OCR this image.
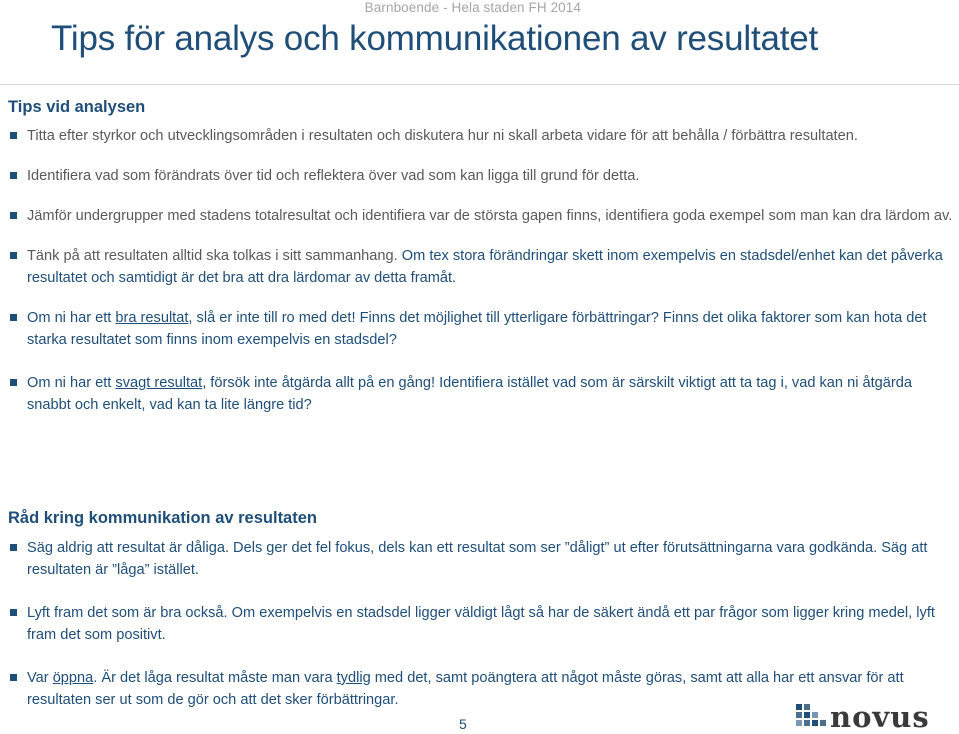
Barnboende - Hela staden FH 2014
Tips för analys och kommunikationen av resultatet
Tips vid analysen
Titta efter styrkor och utvecklingsområden i resultaten och diskutera hur ni skall arbeta vidare för att behålla / förbättra resultaten.
Identifiera vad som förändrats över tid och reflektera över vad som kan ligga till grund för detta.
Jämför undergrupper med stadens totalresultat och identifiera var de största gapen finns, identifiera goda exempel som man kan dra lärdom av.
Tänk på att resultaten alltid ska tolkas i sitt sammanhang. Om tex stora förändringar skett inom exempelvis en stadsdel/enhet kan det påverka resultatet och samtidigt är det bra att dra lärdomar av detta framåt.
Om ni har ett bra resultat, slå er inte till ro med det! Finns det möjlighet till ytterligare förbättringar? Finns det olika faktorer som kan hota det starka resultatet som finns inom exempelvis en stadsdel?
Om ni har ett svagt resultat, försök inte åtgärda allt på en gång! Identifiera istället vad som är särskilt viktigt att ta tag i, vad kan ni åtgärda snabbt och enkelt, vad kan ta lite längre tid?
Råd kring kommunikation av resultaten
Säg aldrig att resultat är dåliga. Dels ger det fel fokus, dels kan ett resultat som ser ”dåligt” ut efter förutsättningarna vara godkända. Säg att resultaten är ”låga” istället.
Lyft fram det som är bra också. Om exempelvis en stadsdel ligger väldigt lågt så har de säkert ändå ett par frågor som ligger kring medel, lyft fram det som positivt.
Var öppna. Är det låga resultat måste man vara tydlig med det, samt poängtera att något måste göras, samt att alla har ett ansvar för att resultaten ser ut som de gör och att det sker förbättringar.
5	novus
